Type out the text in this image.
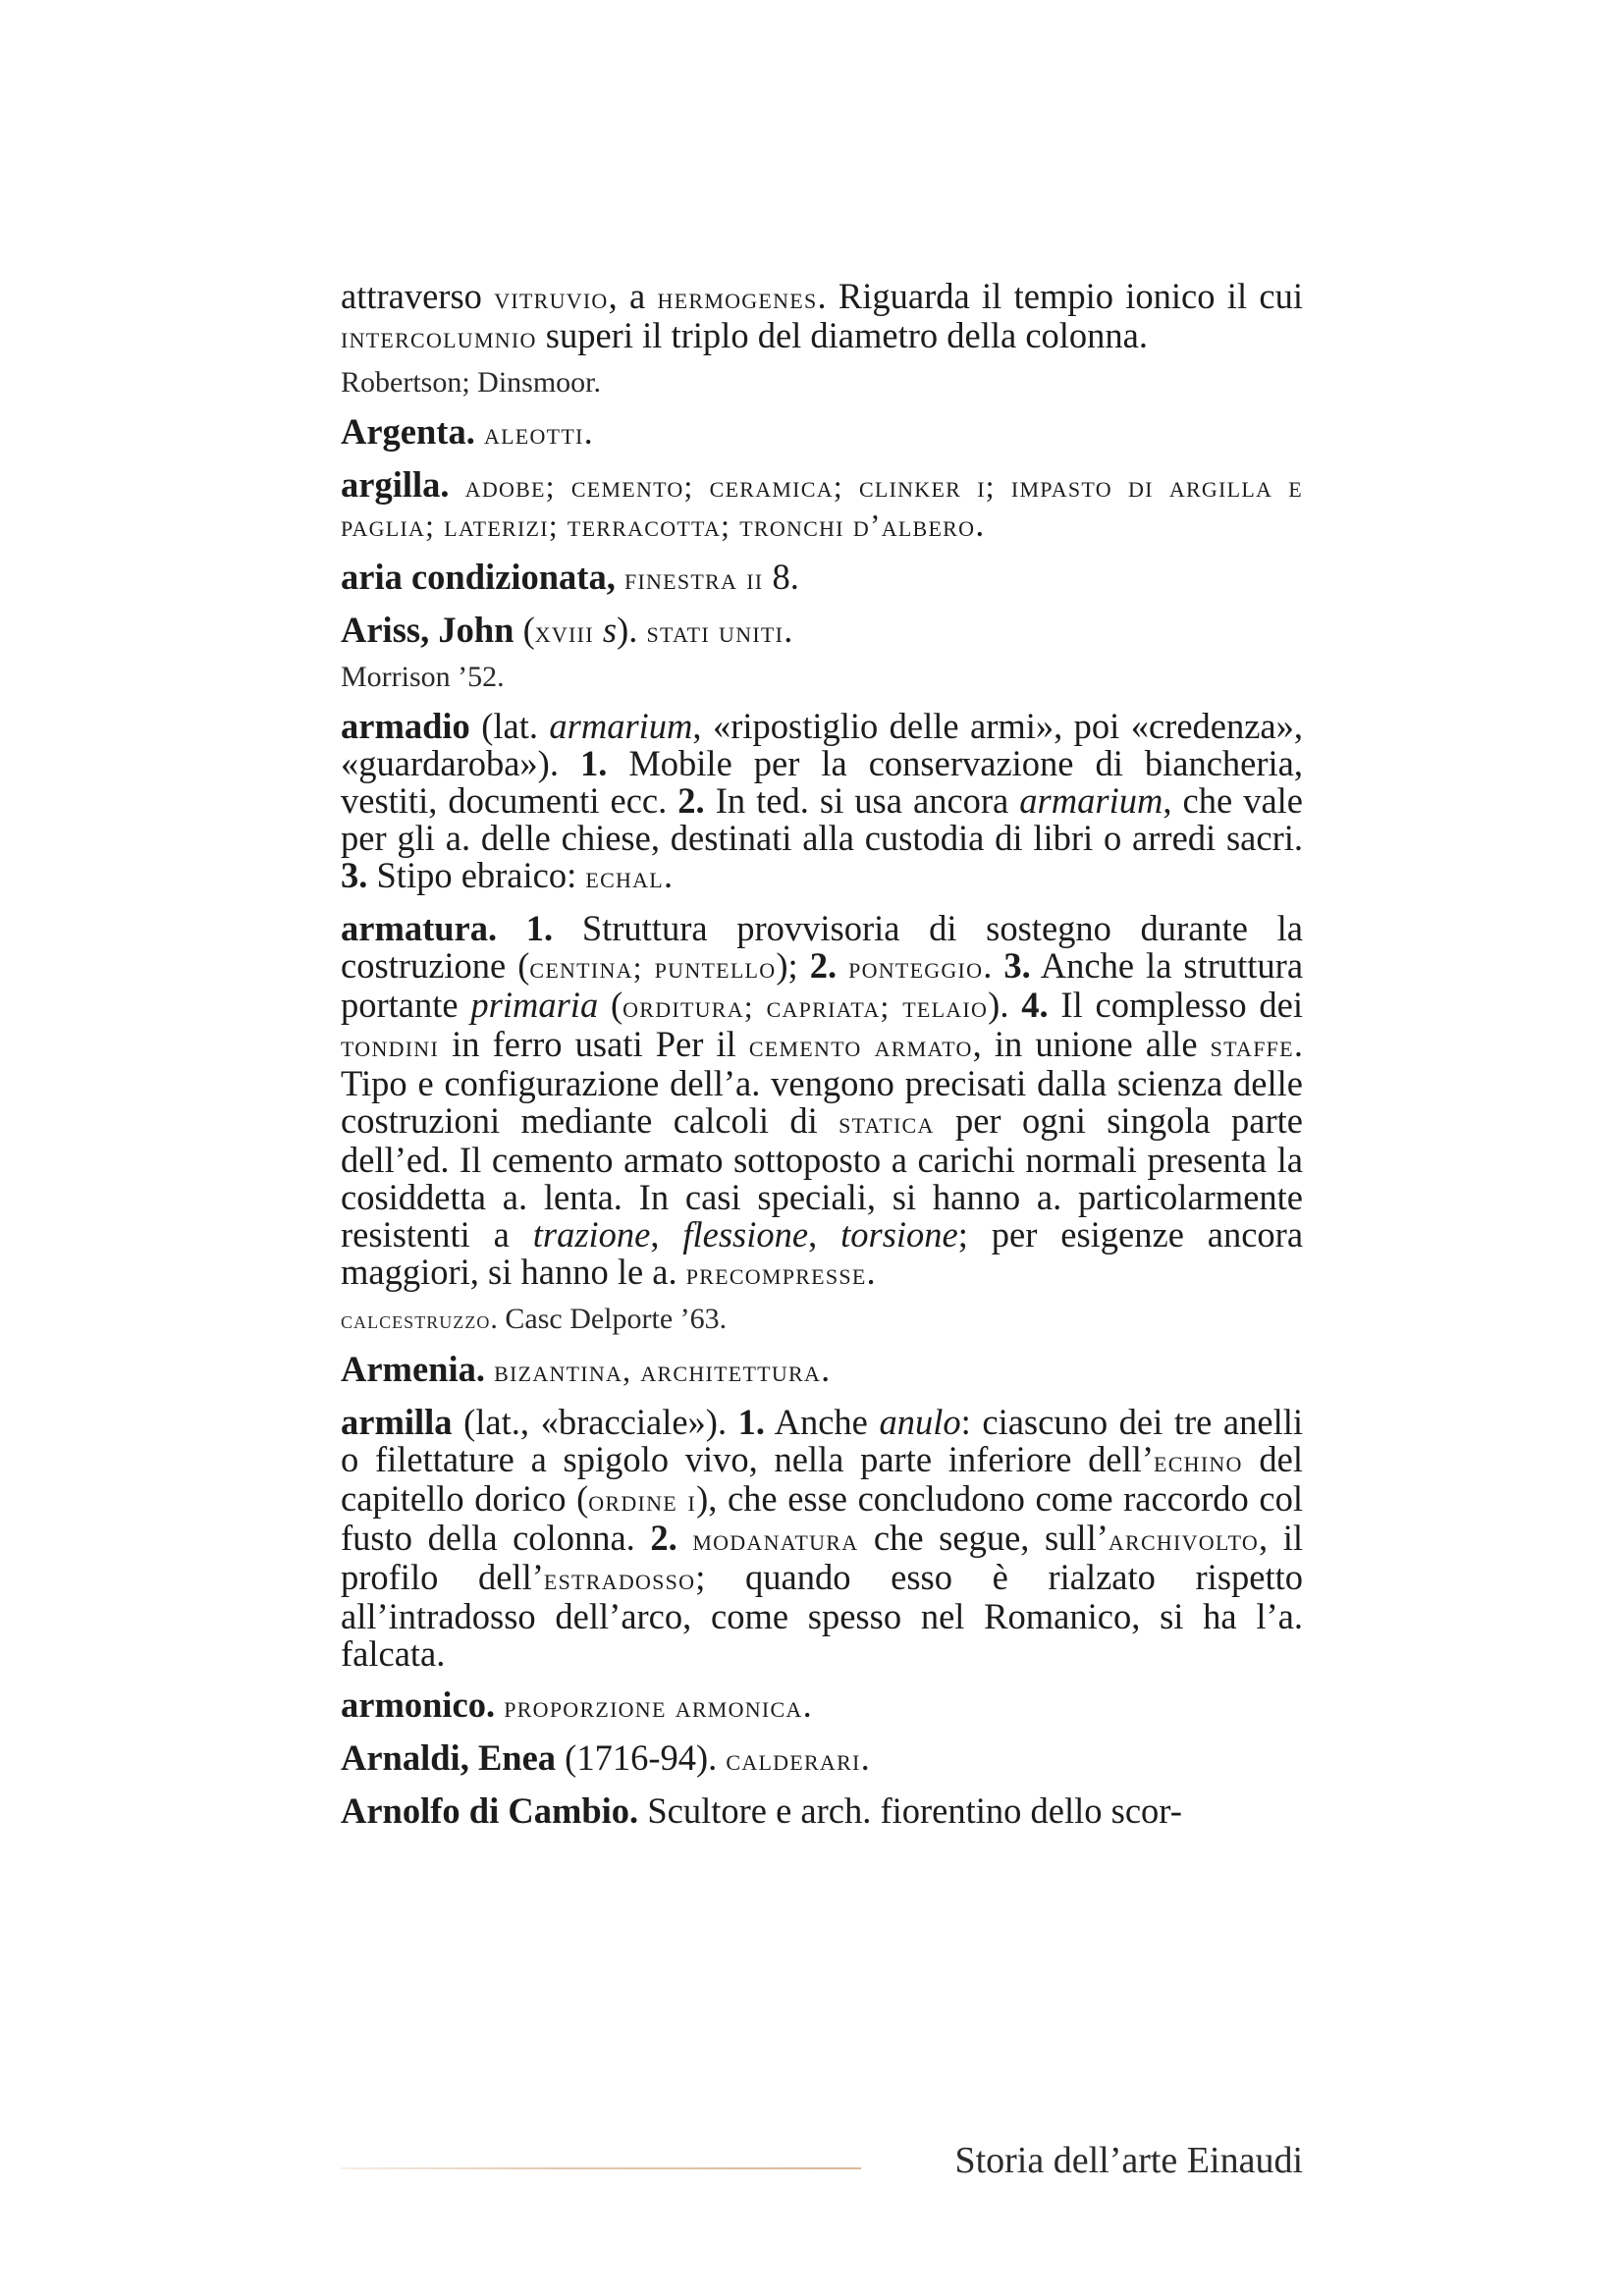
attraverso vitruvio, a hermogenes. Riguarda il tempio ionico il cui intercolumnio superi il triplo del diametro della colonna.

Robertson; Dinsmoor.

Argenta. aleotti.

argilla. adobe; cemento; ceramica; clinker i; impasto di argilla e paglia; laterizi; terracotta; tronchi d’albero.

aria condizionata, finestra ii 8.

Ariss, John (xviii s). stati uniti.

Morrison ’52.

armadio (lat. armarium, «ripostiglio delle armi», poi «credenza», «guardaroba»). 1. Mobile per la conservazione di biancheria, vestiti, documenti ecc. 2. In ted. si usa ancora armarium, che vale per gli a. delle chiese, destinati alla custodia di libri o arredi sacri. 3. Stipo ebraico: echal.

armatura. 1. Struttura provvisoria di sostegno durante la costruzione (centina; puntello); 2. ponteggio. 3. Anche la struttura portante primaria (orditura; capriata; telaio). 4. Il complesso dei tondini in ferro usati Per il cemento armato, in unione alle staffe. Tipo e configurazione dell’a. vengono precisati dalla scienza delle costruzioni mediante calcoli di statica per ogni singola parte dell’ed. Il cemento armato sottoposto a carichi normali presenta la cosiddetta a. lenta. In casi speciali, si hanno a. particolarmente resistenti a trazione, flessione, torsione; per esigenze ancora maggiori, si hanno le a. precompresse.

calcestruzzo. Casc Delporte ’63.

Armenia. bizantina, architettura.

armilla (lat., «bracciale»). 1. Anche anulo: ciascuno dei tre anelli o filettature a spigolo vivo, nella parte inferiore dell’echino del capitello dorico (ordine i), che esse concludono come raccordo col fusto della colonna. 2. modanatura che segue, sull’archivolto, il profilo dell’estradosso; quando esso è rialzato rispetto all’intradosso dell’arco, come spesso nel Romanico, si ha l’a. falcata.

armonico. proporzione armonica.

Arnaldi, Enea (1716-94). calderari.

Arnolfo di Cambio. Scultore e arch. fiorentino dello scor-

Storia dell’arte Einaudi
